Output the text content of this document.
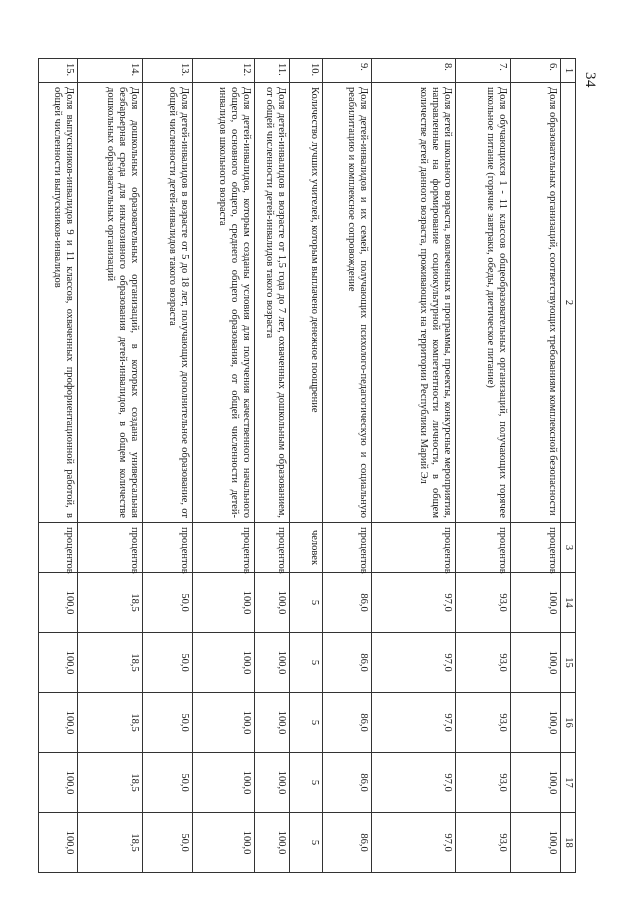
34
1	2	3	14	15	16	17	18
6.	Доля образовательных организаций, соответствующих требованиям комплексной безопасности	процентов	100,0	100,0	100,0	100,0	100,0
7.	Доля обучающихся 1 - 11 классов общеобразовательных организаций, получающих горячее школьное питание (горячие завтраки, обеды, диетическое питание)	процентов	93,0	93,0	93,0	93,0	93,0
8.	Доля детей школьного возраста, вовлеченных в программы, проекты, конкурсные мероприятия, направленные на формирование социокультурной компетентности личности, в общем количестве детей данного возраста, проживающих на территории Республики Марий Эл	процентов	97,0	97,0	97,0	97,0	97,0
9.	Доля детей-инвалидов и их семей, получающих психолого-педагогическую и социальную реабилитацию и комплексное сопровождение	процентов	86,0	86,0	86,0	86,0	86,0
10.	Количество лучших учителей, которым выплачено денежное поощрение	человек	5	5	5	5	5
11.	Доля детей-инвалидов в возрасте от 1,5 года до 7 лет, охваченных дошкольным образованием, от общей численности детей-инвалидов такого возраста	процентов	100,0	100,0	100,0	100,0	100,0
12.	Доля детей-инвалидов, которым созданы условия для получения качественного начального общего, основного общего, среднего общего образования, от общей численности детей-инвалидов школьного возраста	процентов	100,0	100,0	100,0	100,0	100,0
13.	Доля детей-инвалидов в возрасте от 5 до 18 лет, получающих дополнительное образование, от общей численности детей-инвалидов такого возраста	процентов	50,0	50,0	50,0	50,0	50,0
14.	Доля дошкольных образовательных организаций, в которых создана универсальная безбарьерная среда для инклюзивного образования детей-инвалидов, в общем количестве дошкольных образовательных организаций	процентов	18,5	18,5	18,5	18,5	18,5
15.	Доля выпускников-инвалидов 9 и 11 классов, охваченных профориентационной работой, в общей численности выпускников-инвалидов	процентов	100,0	100,0	100,0	100,0	100,0
